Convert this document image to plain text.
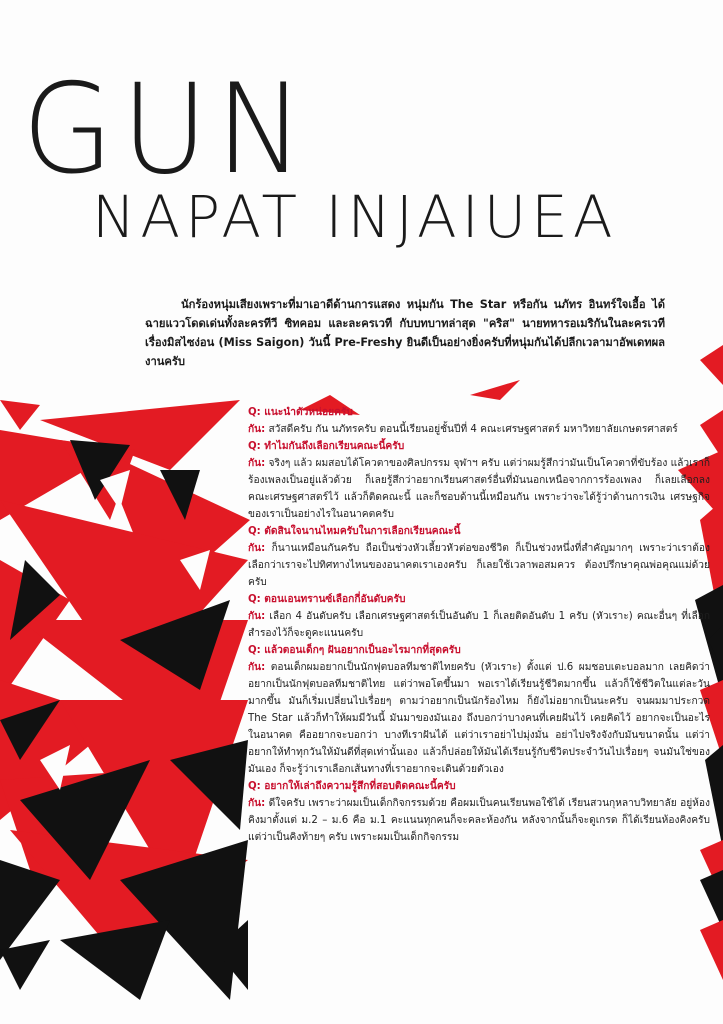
GUN
NAPAT INJAIUEA

นักร้องหนุ่มเสียงเพราะที่มาเอาดีด้านการแสดง หนุ่มกัน The Star หรือกัน นภัทร อินทร์ใจเอื้อ ได้ฉายแววโดดเด่นทั้งละครทีวี ซิทคอม และละครเวที กับบทบาทล่าสุด "คริส" นายทหารอเมริกันในละครเวทีเรื่องมิสไซง่อน (Miss Saigon) วันนี้ Pre-Freshy ยินดีเป็นอย่างยิ่งครับที่หนุ่มกันได้ปลีกเวลามาอัพเดทผลงานครับ

Q: แนะนำตัวหน่อยครับ

กัน: สวัสดีครับ กัน นภัทรครับ ตอนนี้เรียนอยู่ชั้นปีที่ 4 คณะเศรษฐศาสตร์ มหาวิทยาลัยเกษตรศาสตร์

Q: ทำไมกันถึงเลือกเรียนคณะนี้ครับ

กัน: จริงๆ แล้ว ผมสอบได้โควตาของศิลปกรรม จุฬาฯ ครับ แต่ว่าผมรู้สึกว่ามันเป็นโควตาที่ขับร้อง แล้วเราก็ร้องเพลงเป็นอยู่แล้วด้วย ก็เลยรู้สึกว่าอยากเรียนศาสตร์อื่นที่มันนอกเหนือจากการร้องเพลง ก็เลยเลือกลงคณะเศรษฐศาสตร์ไว้ แล้วก็ติดคณะนี้ และก็ชอบด้านนี้เหมือนกัน เพราะว่าจะได้รู้ว่าด้านการเงิน เศรษฐกิจของเราเป็นอย่างไรในอนาคตครับ

Q: ตัดสินใจนานไหมครับในการเลือกเรียนคณะนี้

กัน: ก็นานเหมือนกันครับ ถือเป็นช่วงหัวเลี้ยวหัวต่อของชีวิต ก็เป็นช่วงหนึ่งที่สำคัญมากๆ เพราะว่าเราต้องเลือกว่าเราจะไปทิศทางไหนของอนาคตเราเองครับ ก็เลยใช้เวลาพอสมควร ต้องปรึกษาคุณพ่อคุณแม่ด้วยครับ

Q: ตอนเอนทรานซ์เลือกกี่อันดับครับ

กัน: เลือก 4 อันดับครับ เลือกเศรษฐศาสตร์เป็นอันดับ 1 ก็เลยติดอันดับ 1 ครับ (หัวเราะ) คณะอื่นๆ ที่เลือกสำรองไว้ก็จะดูคะแนนครับ

Q: แล้วตอนเด็กๆ ฝันอยากเป็นอะไรมากที่สุดครับ

กัน: ตอนเด็กผมอยากเป็นนักฟุตบอลทีมชาติไทยครับ (หัวเราะ) ตั้งแต่ ป.6 ผมชอบเตะบอลมาก เลยคิดว่าอยากเป็นนักฟุตบอลทีมชาติไทย แต่ว่าพอโตขึ้นมา พอเราได้เรียนรู้ชีวิตมากขึ้น แล้วก็ใช้ชีวิตในแต่ละวันมากขึ้น มันก็เริ่มเปลี่ยนไปเรื่อยๆ ตามว่าอยากเป็นนักร้องไหม ก็ยังไม่อยากเป็นนะครับ จนผมมาประกวด The Star แล้วก็ทำให้ผมมีวันนี้ มันมาของมันเอง ถึงบอกว่าบางคนที่เคยฝันไว้ เคยคิดไว้ อยากจะเป็นอะไรในอนาคต คืออยากจะบอกว่า บางทีเราฝันได้ แต่ว่าเราอย่าไปมุ่งมั่น อย่าไปจริงจังกับมันขนาดนั้น แต่ว่าอยากให้ทำทุกวันให้มันดีที่สุดเท่านั้นเอง แล้วก็ปล่อยให้มันได้เรียนรู้กับชีวิตประจำวันไปเรื่อยๆ จนมันใช่ของมันเอง ก็จะรู้ว่าเราเลือกเส้นทางที่เราอยากจะเดินด้วยตัวเอง

Q: อยากให้เล่าถึงความรู้สึกที่สอบติดคณะนี้ครับ

กัน: ดีใจครับ เพราะว่าผมเป็นเด็กกิจกรรมด้วย คือผมเป็นคนเรียนพอใช้ได้ เรียนสวนกุหลาบวิทยาลัย อยู่ห้องคิงมาตั้งแต่ ม.2 – ม.6 คือ ม.1 คะแนนทุกคนก็จะคละห้องกัน หลังจากนั้นก็จะดูเกรด ก็ได้เรียนห้องคิงครับ แต่ว่าเป็นคิงท้ายๆ ครับ เพราะผมเป็นเด็กกิจกรรม
